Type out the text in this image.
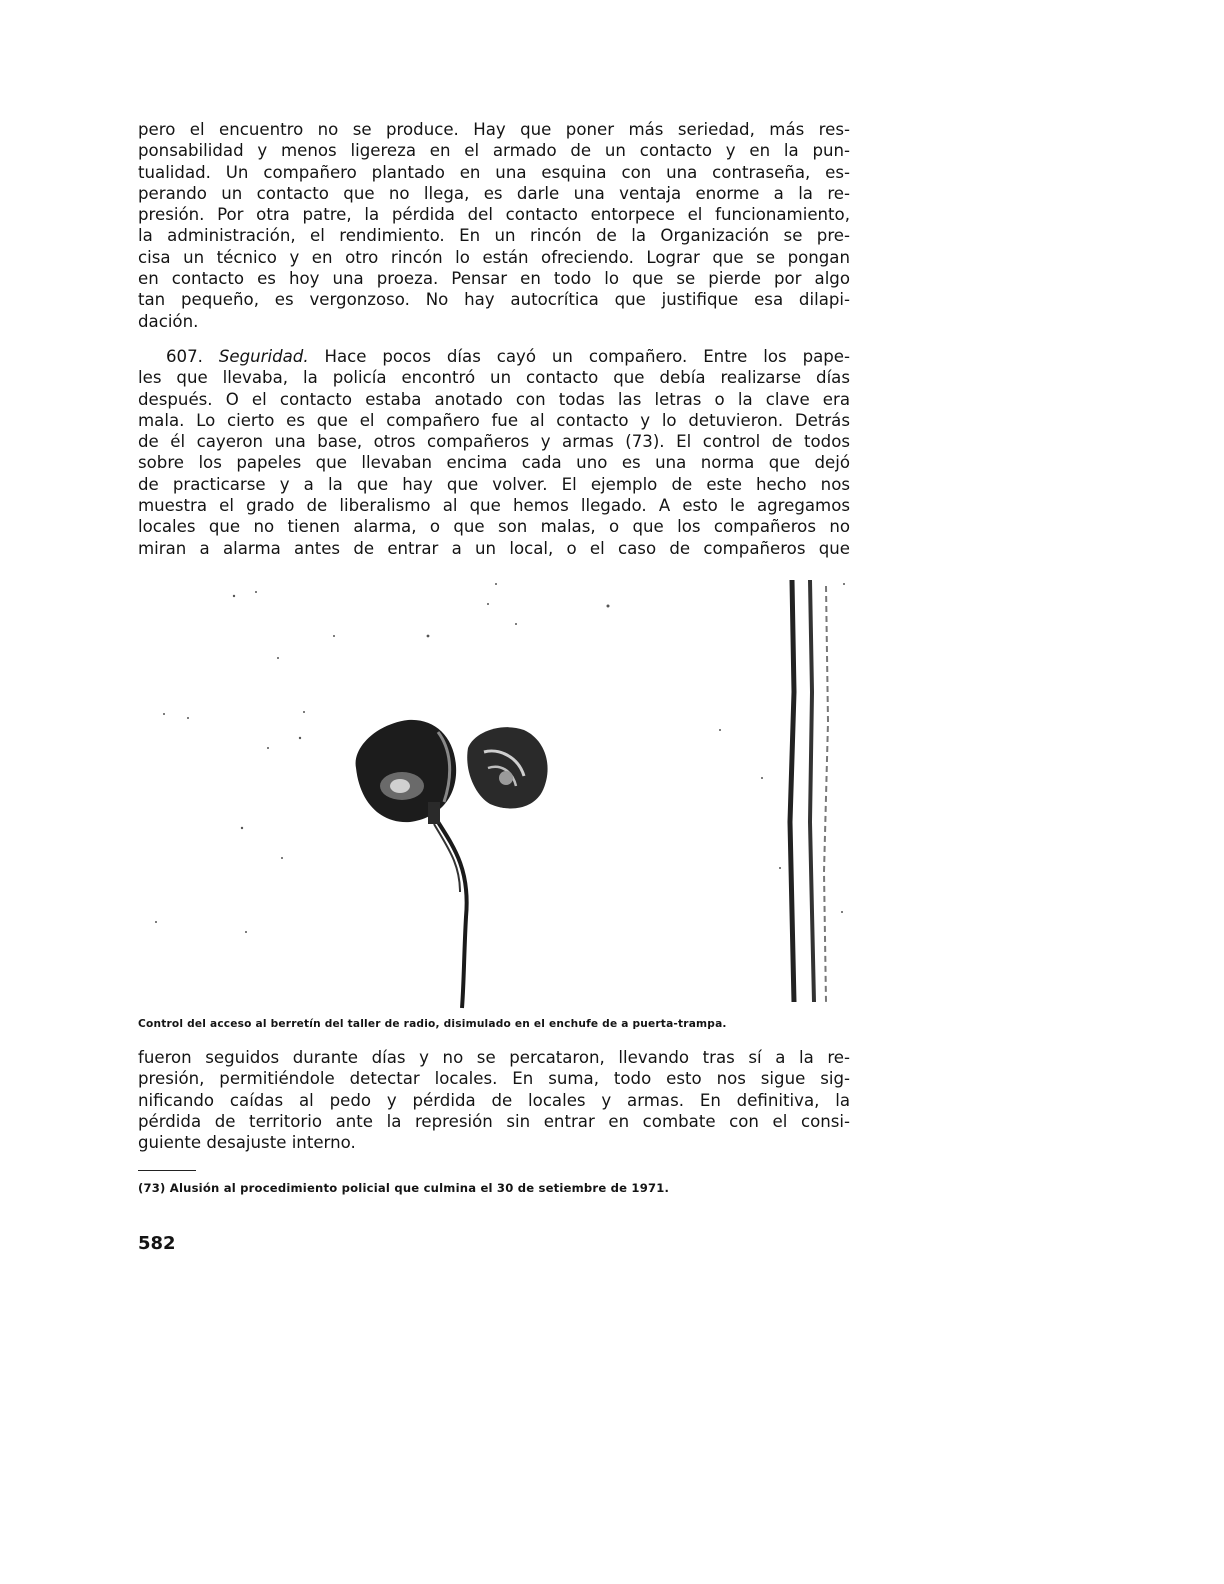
pero el encuentro no se produce. Hay que poner más seriedad, más res-
ponsabilidad y menos ligereza en el armado de un contacto y en la pun-
tualidad. Un compañero plantado en una esquina con una contraseña, es-
perando un contacto que no llega, es darle una ventaja enorme a la re-
presión. Por otra patre, la pérdida del contacto entorpece el funcionamiento,
la administración, el rendimiento. En un rincón de la Organización se pre-
cisa un técnico y en otro rincón lo están ofreciendo. Lograr que se pongan
en contacto es hoy una proeza. Pensar en todo lo que se pierde por algo
tan pequeño, es vergonzoso. No hay autocrítica que justifique esa dilapi-
dación.

607. Seguridad. Hace pocos días cayó un compañero. Entre los pape-
les que llevaba, la policía encontró un contacto que debía realizarse días
después. O el contacto estaba anotado con todas las letras o la clave era
mala. Lo cierto es que el compañero fue al contacto y lo detuvieron. Detrás
de él cayeron una base, otros compañeros y armas (73). El control de todos
sobre los papeles que llevaban encima cada uno es una norma que dejó
de practicarse y a la que hay que volver. El ejemplo de este hecho nos
muestra el grado de liberalismo al que hemos llegado. A esto le agregamos
locales que no tienen alarma, o que son malas, o que los compañeros no
miran a alarma antes de entrar a un local, o el caso de compañeros que

Control del acceso al berretín del taller de radio, disimulado en el enchufe de a puerta-trampa.

fueron seguidos durante días y no se percataron, llevando tras sí a la re-
presión, permitiéndole detectar locales. En suma, todo esto nos sigue sig-
nificando caídas al pedo y pérdida de locales y armas. En definitiva, la
pérdida de territorio ante la represión sin entrar en combate con el consi-
guiente desajuste interno.

(73) Alusión al procedimiento policial que culmina el 30 de setiembre de 1971.
582
